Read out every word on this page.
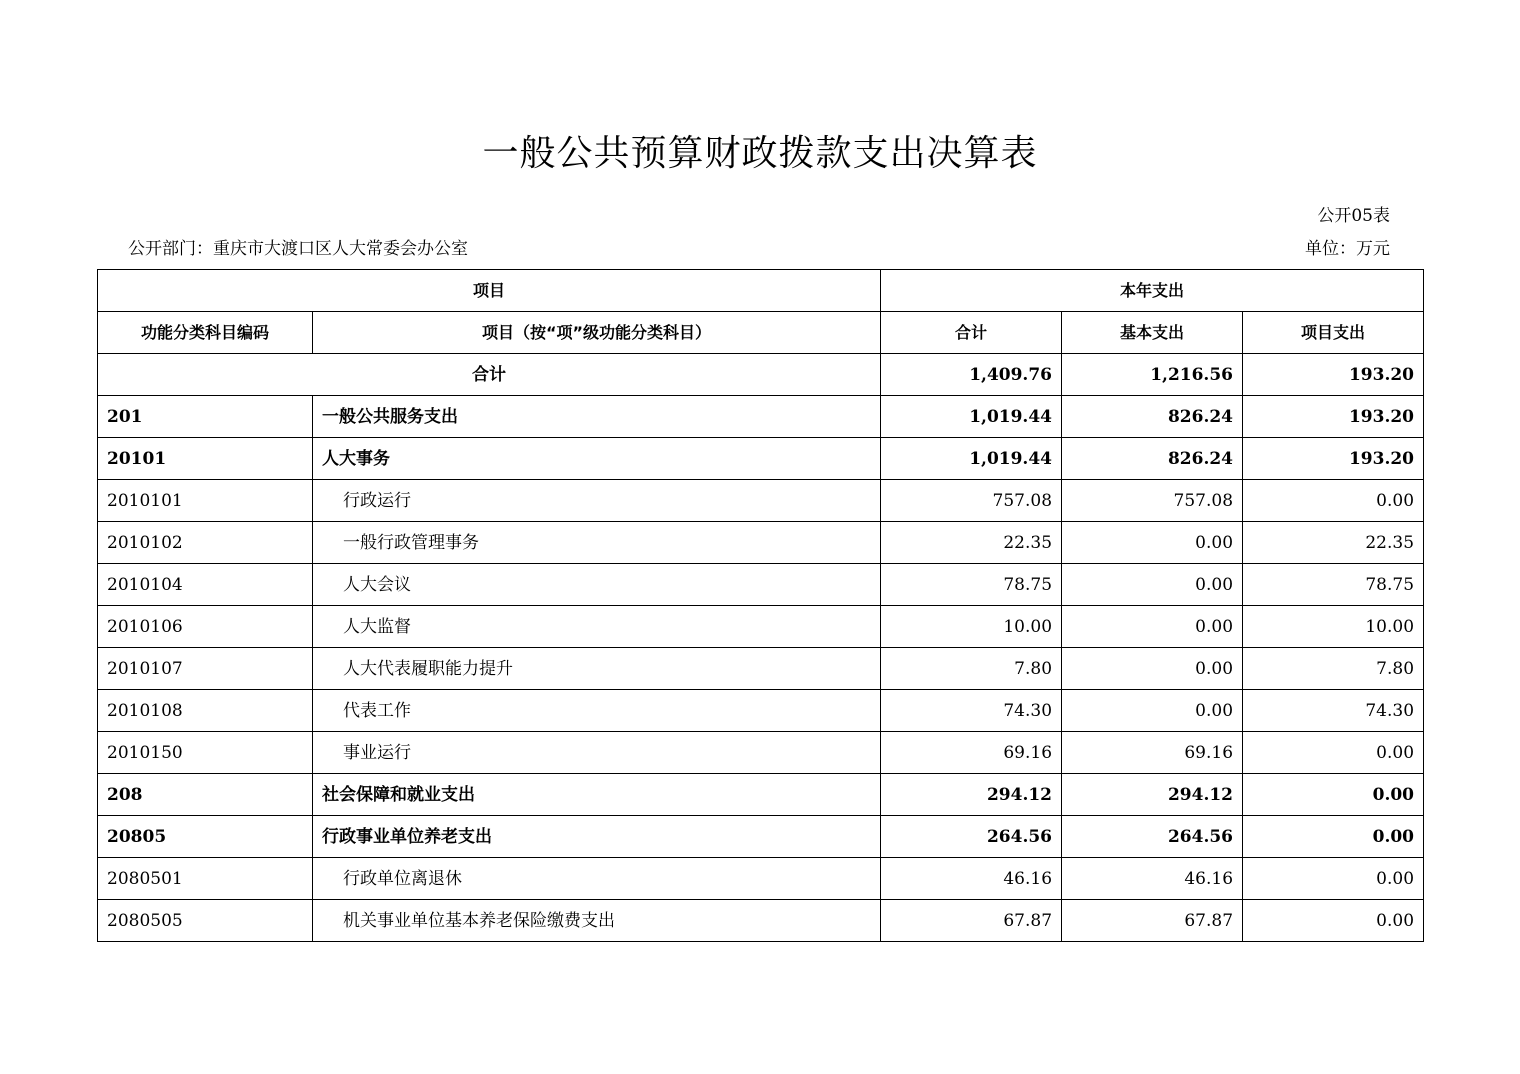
一般公共预算财政拨款支出决算表
公开05表
公开部门：重庆市大渡口区人大常委会办公室	单位：万元
项目		本年支出		
功能分类科目编码	项目（按“项”级功能分类科目）	合计	基本支出	项目支出
合计		1,409.76	1,216.56	193.20
201	一般公共服务支出	1,019.44	826.24	193.20
20101	人大事务	1,019.44	826.24	193.20
2010101	行政运行	757.08	757.08	0.00
2010102	一般行政管理事务	22.35	0.00	22.35
2010104	人大会议	78.75	0.00	78.75
2010106	人大监督	10.00	0.00	10.00
2010107	人大代表履职能力提升	7.80	0.00	7.80
2010108	代表工作	74.30	0.00	74.30
2010150	事业运行	69.16	69.16	0.00
208	社会保障和就业支出	294.12	294.12	0.00
20805	行政事业单位养老支出	264.56	264.56	0.00
2080501	行政单位离退休	46.16	46.16	0.00
2080505	机关事业单位基本养老保险缴费支出	67.87	67.87	0.00
